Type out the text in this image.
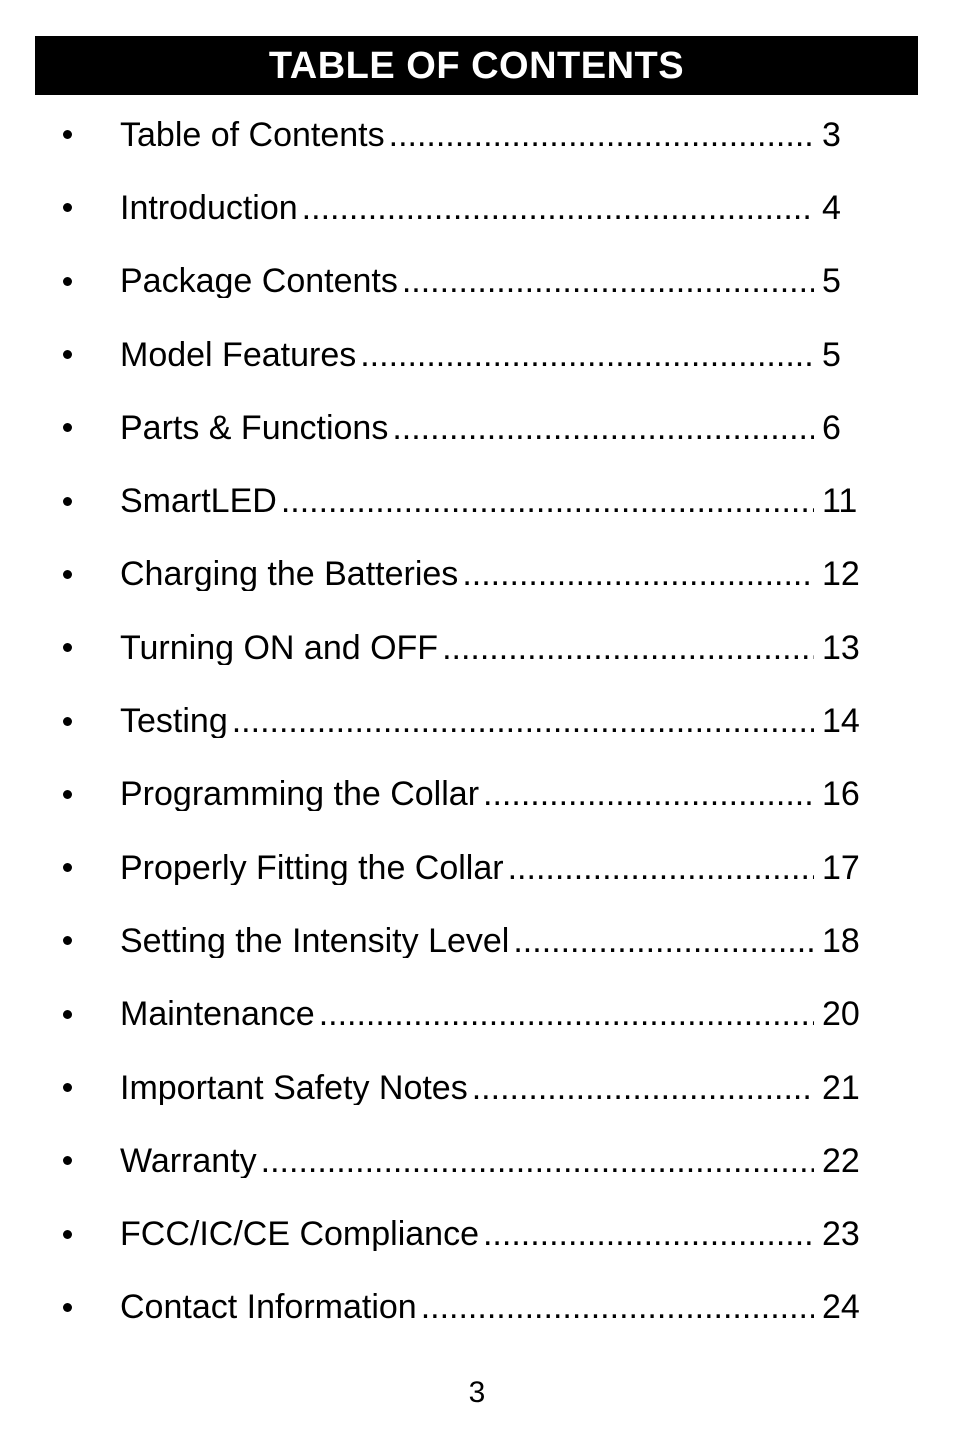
TABLE OF CONTENTS
Table of Contents .....	3
Introduction .....	4
Package Contents .....	5
Model Features .....	5
Parts & Functions .....	6
SmartLED .....	11
Charging the Batteries .....	12
Turning ON and OFF .....	13
Testing .....	14
Programming the Collar .....	16
Properly Fitting the Collar .....	17
Setting the Intensity Level .....	18
Maintenance .....	20
Important Safety Notes .....	21
Warranty .....	22
FCC/IC/CE Compliance .....	23
Contact Information .....	24
3
